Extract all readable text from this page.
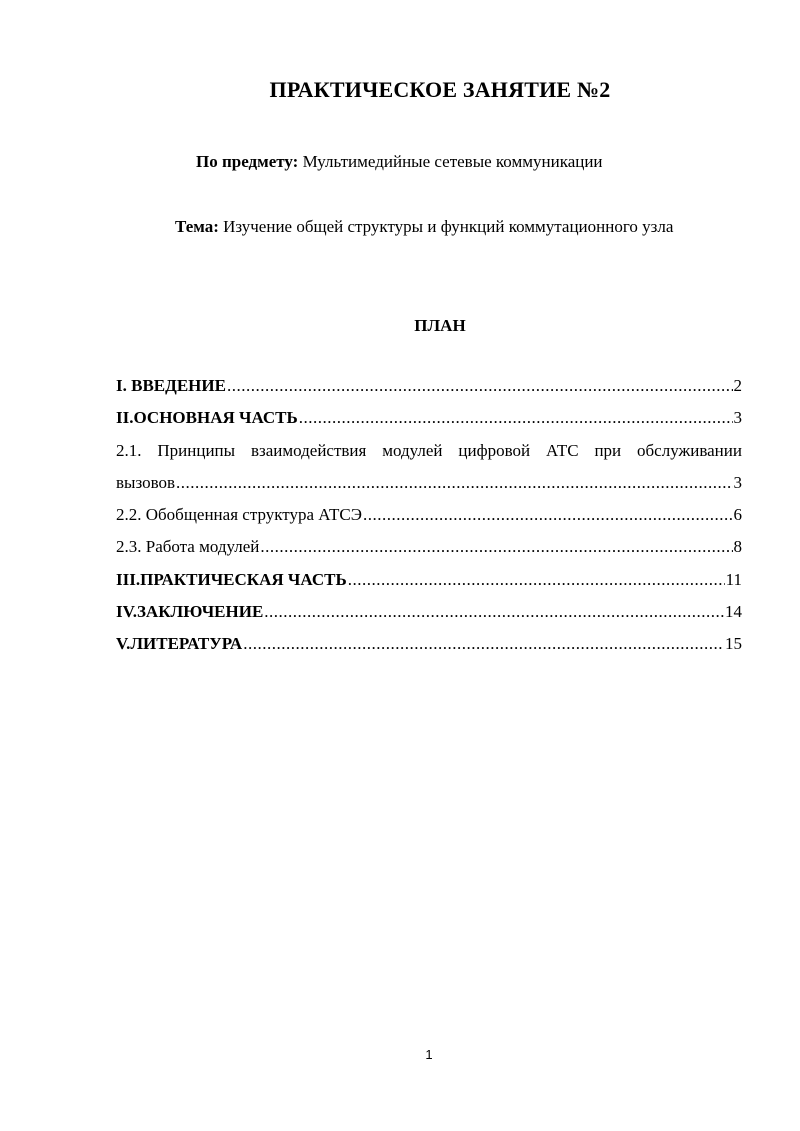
ПРАКТИЧЕСКОЕ ЗАНЯТИЕ №2
По предмету: Мультимедийные сетевые коммуникации
Тема: Изучение общей структуры и функций коммутационного узла
ПЛАН
I. ВВЕДЕНИЕ .....	2
II.ОСНОВНАЯ ЧАСТЬ .....	3
2.1. Принципы взаимодействия модулей цифровой АТС при обслуживании
вызовов .....	3
2.2. Обобщенная структура АТСЭ .....	6
2.3. Работа модулей .....	8
III.ПРАКТИЧЕСКАЯ ЧАСТЬ .....	11
IV.ЗАКЛЮЧЕНИЕ .....	14
V.ЛИТЕРАТУРА .....	15
1
